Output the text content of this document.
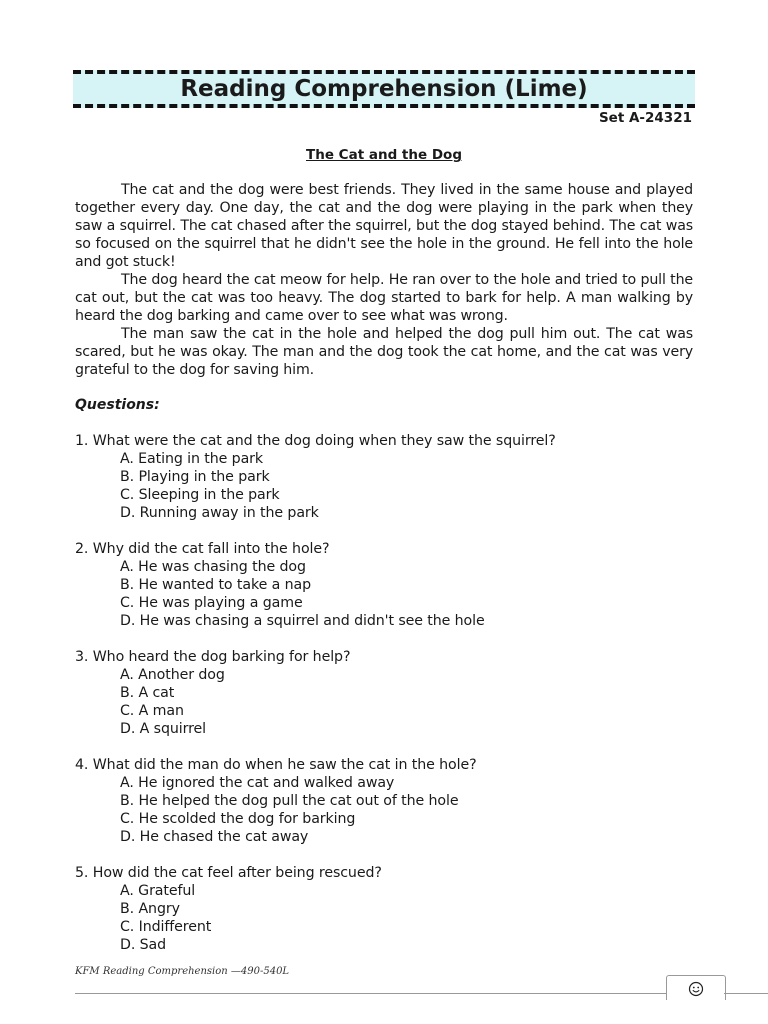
Reading Comprehension (Lime)
Set A-24321
The Cat and the Dog

The cat and the dog were best friends. They lived in the same house and played together every day. One day, the cat and the dog were playing in the park when they saw a squirrel. The cat chased after the squirrel, but the dog stayed behind. The cat was so focused on the squirrel that he didn't see the hole in the ground. He fell into the hole and got stuck!

The dog heard the cat meow for help. He ran over to the hole and tried to pull the cat out, but the cat was too heavy. The dog started to bark for help. A man walking by heard the dog barking and came over to see what was wrong.

The man saw the cat in the hole and helped the dog pull him out. The cat was scared, but he was okay. The man and the dog took the cat home, and the cat was very grateful to the dog for saving him.

Questions:
1. What were the cat and the dog doing when they saw the squirrel?
A. Eating in the park
B. Playing in the park
C. Sleeping in the park
D. Running away in the park
2. Why did the cat fall into the hole?
A. He was chasing the dog
B. He wanted to take a nap
C. He was playing a game
D. He was chasing a squirrel and didn't see the hole
3. Who heard the dog barking for help?
A. Another dog
B. A cat
C. A man
D. A squirrel
4. What did the man do when he saw the cat in the hole?
A. He ignored the cat and walked away
B. He helped the dog pull the cat out of the hole
C. He scolded the dog for barking
D. He chased the cat away
5. How did the cat feel after being rescued?
A. Grateful
B. Angry
C. Indifferent
D. Sad
KFM Reading Comprehension —490-540L
